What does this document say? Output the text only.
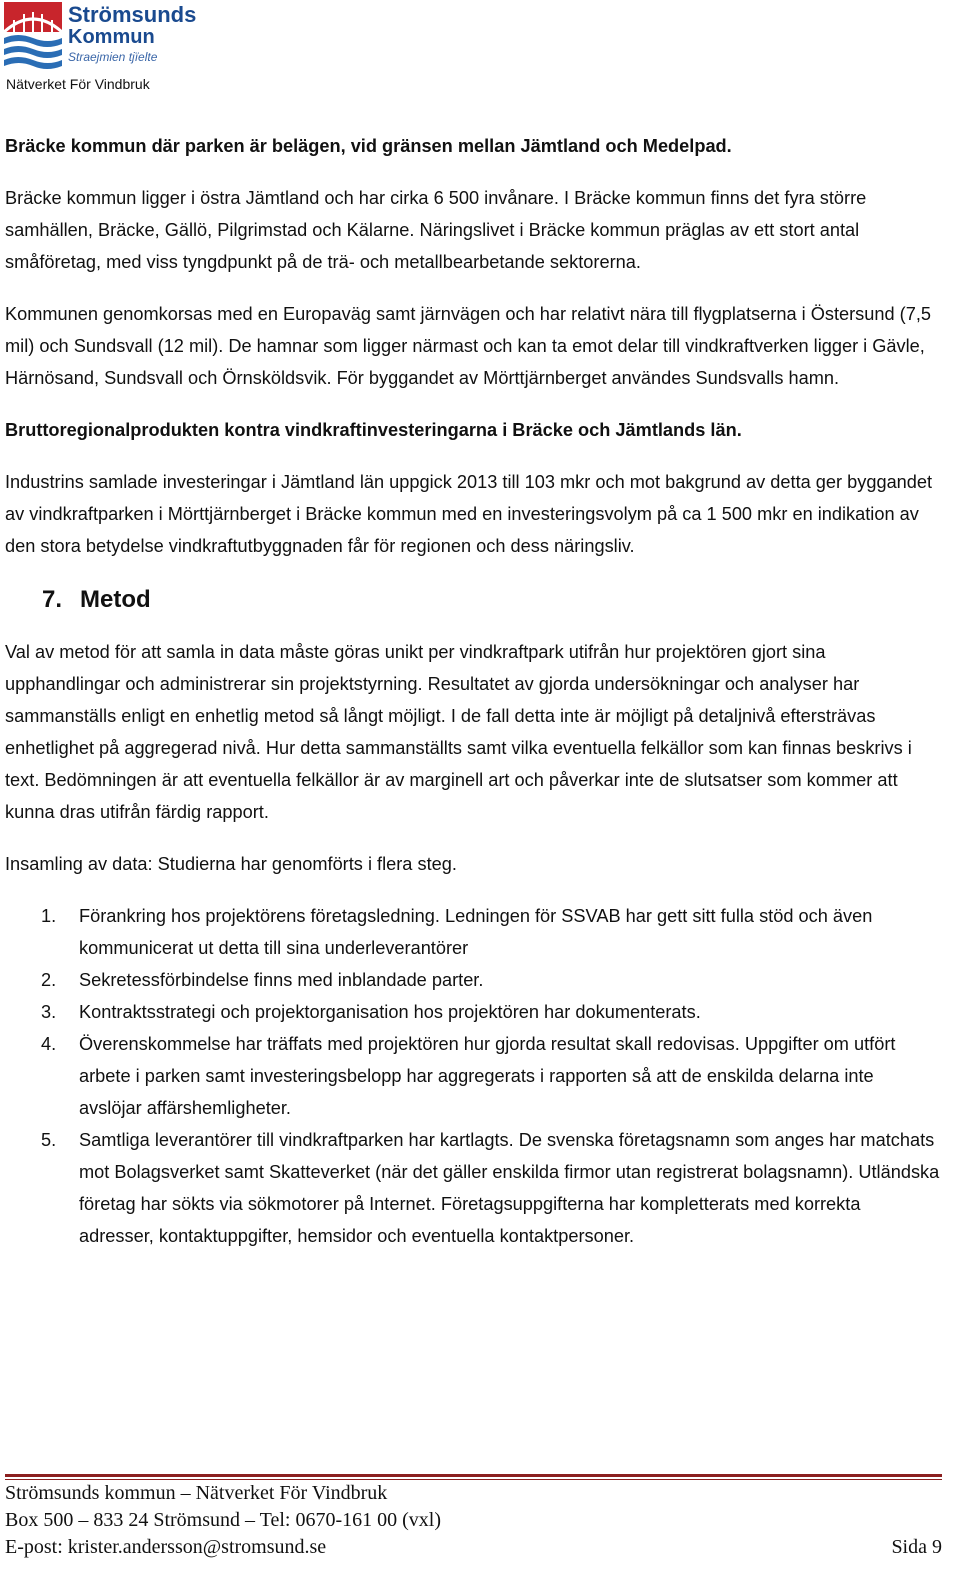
Strömsunds
Kommun
Straejmien tjïelte
Nätverket För Vindbruk

Bräcke kommun där parken är belägen, vid gränsen mellan Jämtland och Medelpad.

Bräcke kommun ligger i östra Jämtland och har cirka 6 500 invånare. I Bräcke kommun finns det fyra större samhällen, Bräcke, Gällö, Pilgrimstad och Kälarne. Näringslivet i Bräcke kommun präglas av ett stort antal småföretag, med viss tyngdpunkt på de trä- och metallbearbetande sektorerna.

Kommunen genomkorsas med en Europaväg samt järnvägen och har relativt nära till flygplatserna i Östersund (7,5 mil) och Sundsvall (12 mil). De hamnar som ligger närmast och kan ta emot delar till vindkraftverken ligger i Gävle, Härnösand, Sundsvall och Örnsköldsvik. För byggandet av Mörttjärnberget användes Sundsvalls hamn.

Bruttoregionalprodukten kontra vindkraftinvesteringarna i Bräcke och Jämtlands län.

Industrins samlade investeringar i Jämtland län uppgick 2013 till 103 mkr och mot bakgrund av detta ger byggandet av vindkraftparken i Mörttjärnberget i Bräcke kommun med en investeringsvolym på ca 1 500 mkr en indikation av den stora betydelse vindkraftutbyggnaden får för regionen och dess näringsliv.

7. Metod

Val av metod för att samla in data måste göras unikt per vindkraftpark utifrån hur projektören gjort sina upphandlingar och administrerar sin projektstyrning. Resultatet av gjorda undersökningar och analyser har sammanställs enligt en enhetlig metod så långt möjligt. I de fall detta inte är möjligt på detaljnivå eftersträvas enhetlighet på aggregerad nivå. Hur detta sammanställts samt vilka eventuella felkällor som kan finnas beskrivs i text. Bedömningen är att eventuella felkällor är av marginell art och påverkar inte de slutsatser som kommer att kunna dras utifrån färdig rapport.

Insamling av data: Studierna har genomförts i flera steg.

1. Förankring hos projektörens företagsledning. Ledningen för SSVAB har gett sitt fulla stöd och även kommunicerat ut detta till sina underleverantörer
2. Sekretessförbindelse finns med inblandade parter.
3. Kontraktsstrategi och projektorganisation hos projektören har dokumenterats.
4. Överenskommelse har träffats med projektören hur gjorda resultat skall redovisas. Uppgifter om utfört arbete i parken samt investeringsbelopp har aggregerats i rapporten så att de enskilda delarna inte avslöjar affärshemligheter.
5. Samtliga leverantörer till vindkraftparken har kartlagts. De svenska företagsnamn som anges har matchats mot Bolagsverket samt Skatteverket (när det gäller enskilda firmor utan registrerat bolagsnamn). Utländska företag har sökts via sökmotorer på Internet. Företagsuppgifterna har kompletterats med korrekta adresser, kontaktuppgifter, hemsidor och eventuella kontaktpersoner.
Strömsunds kommun – Nätverket För Vindbruk
Box 500 – 833 24 Strömsund – Tel: 0670-161 00 (vxl)
E-post: krister.andersson@stromsund.se	Sida 9
